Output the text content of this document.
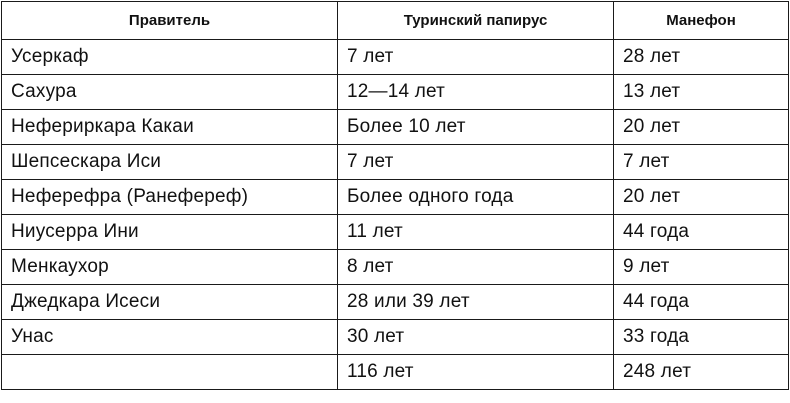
Правитель	Туринский папирус	Манефон
Усеркаф	7 лет	28 лет
Сахура	12—14 лет	13 лет
Нефериркара Какаи	Более 10 лет	20 лет
Шепсескара Иси	7 лет	7 лет
Неферефра (Ранефереф)	Более одного года	20 лет
Ниусерра Ини	11 лет	44 года
Менкаухор	8 лет	9 лет
Джедкара Исеси	28 или 39 лет	44 года
Унас	30 лет	33 года
	116 лет	248 лет
